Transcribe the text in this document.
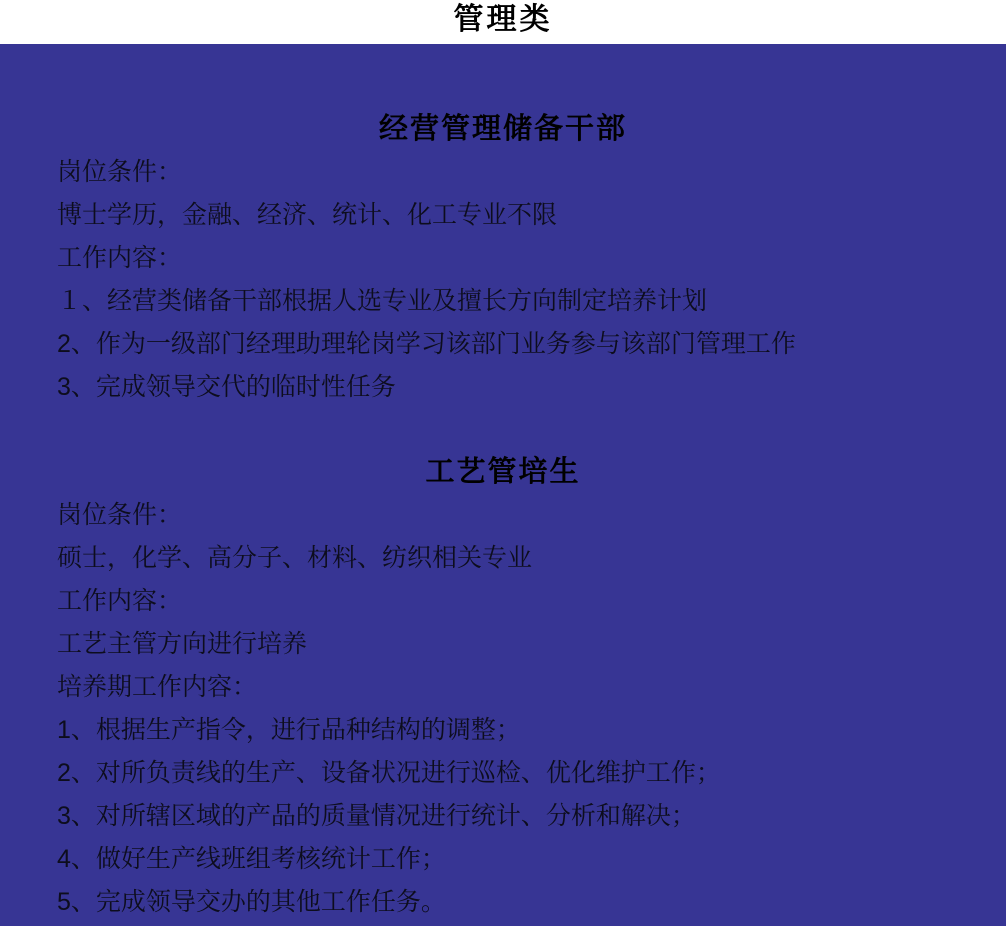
管理类
经营管理储备干部

岗位条件：

博士学历，金融、经济、统计、化工专业不限

工作内容：

１、经营类储备干部根据人选专业及擅长方向制定培养计划

2、作为一级部门经理助理轮岗学习该部门业务参与该部门管理工作

3、完成领导交代的临时性任务

工艺管培生

岗位条件：

硕士，化学、高分子、材料、纺织相关专业

工作内容：

工艺主管方向进行培养

培养期工作内容：

1、根据生产指令，进行品种结构的调整；

2、对所负责线的生产、设备状况进行巡检、优化维护工作；

3、对所辖区域的产品的质量情况进行统计、分析和解决；

4、做好生产线班组考核统计工作；

5、完成领导交办的其他工作任务。
